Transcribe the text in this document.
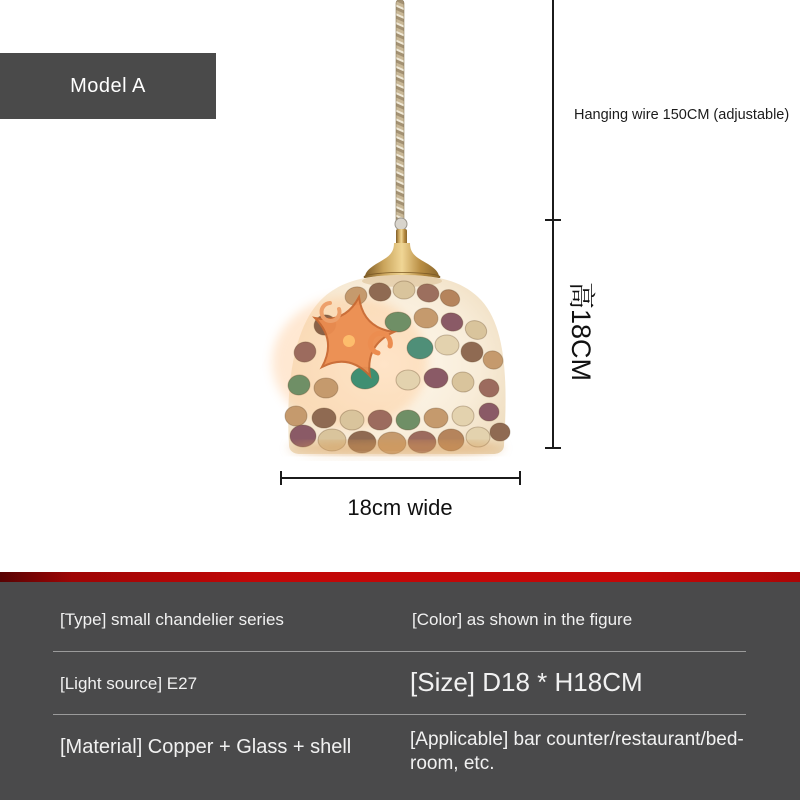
Model A
Hanging wire 150CM (adjustable)
高18CM
18cm wide
[Type] small chandelier series	[Color] as shown in the figure
[Light source] E27	[Size] D18 * H18CM
[Material] Copper + Glass + shell	[Applicable] bar counter/restaurant/bed-room, etc.
